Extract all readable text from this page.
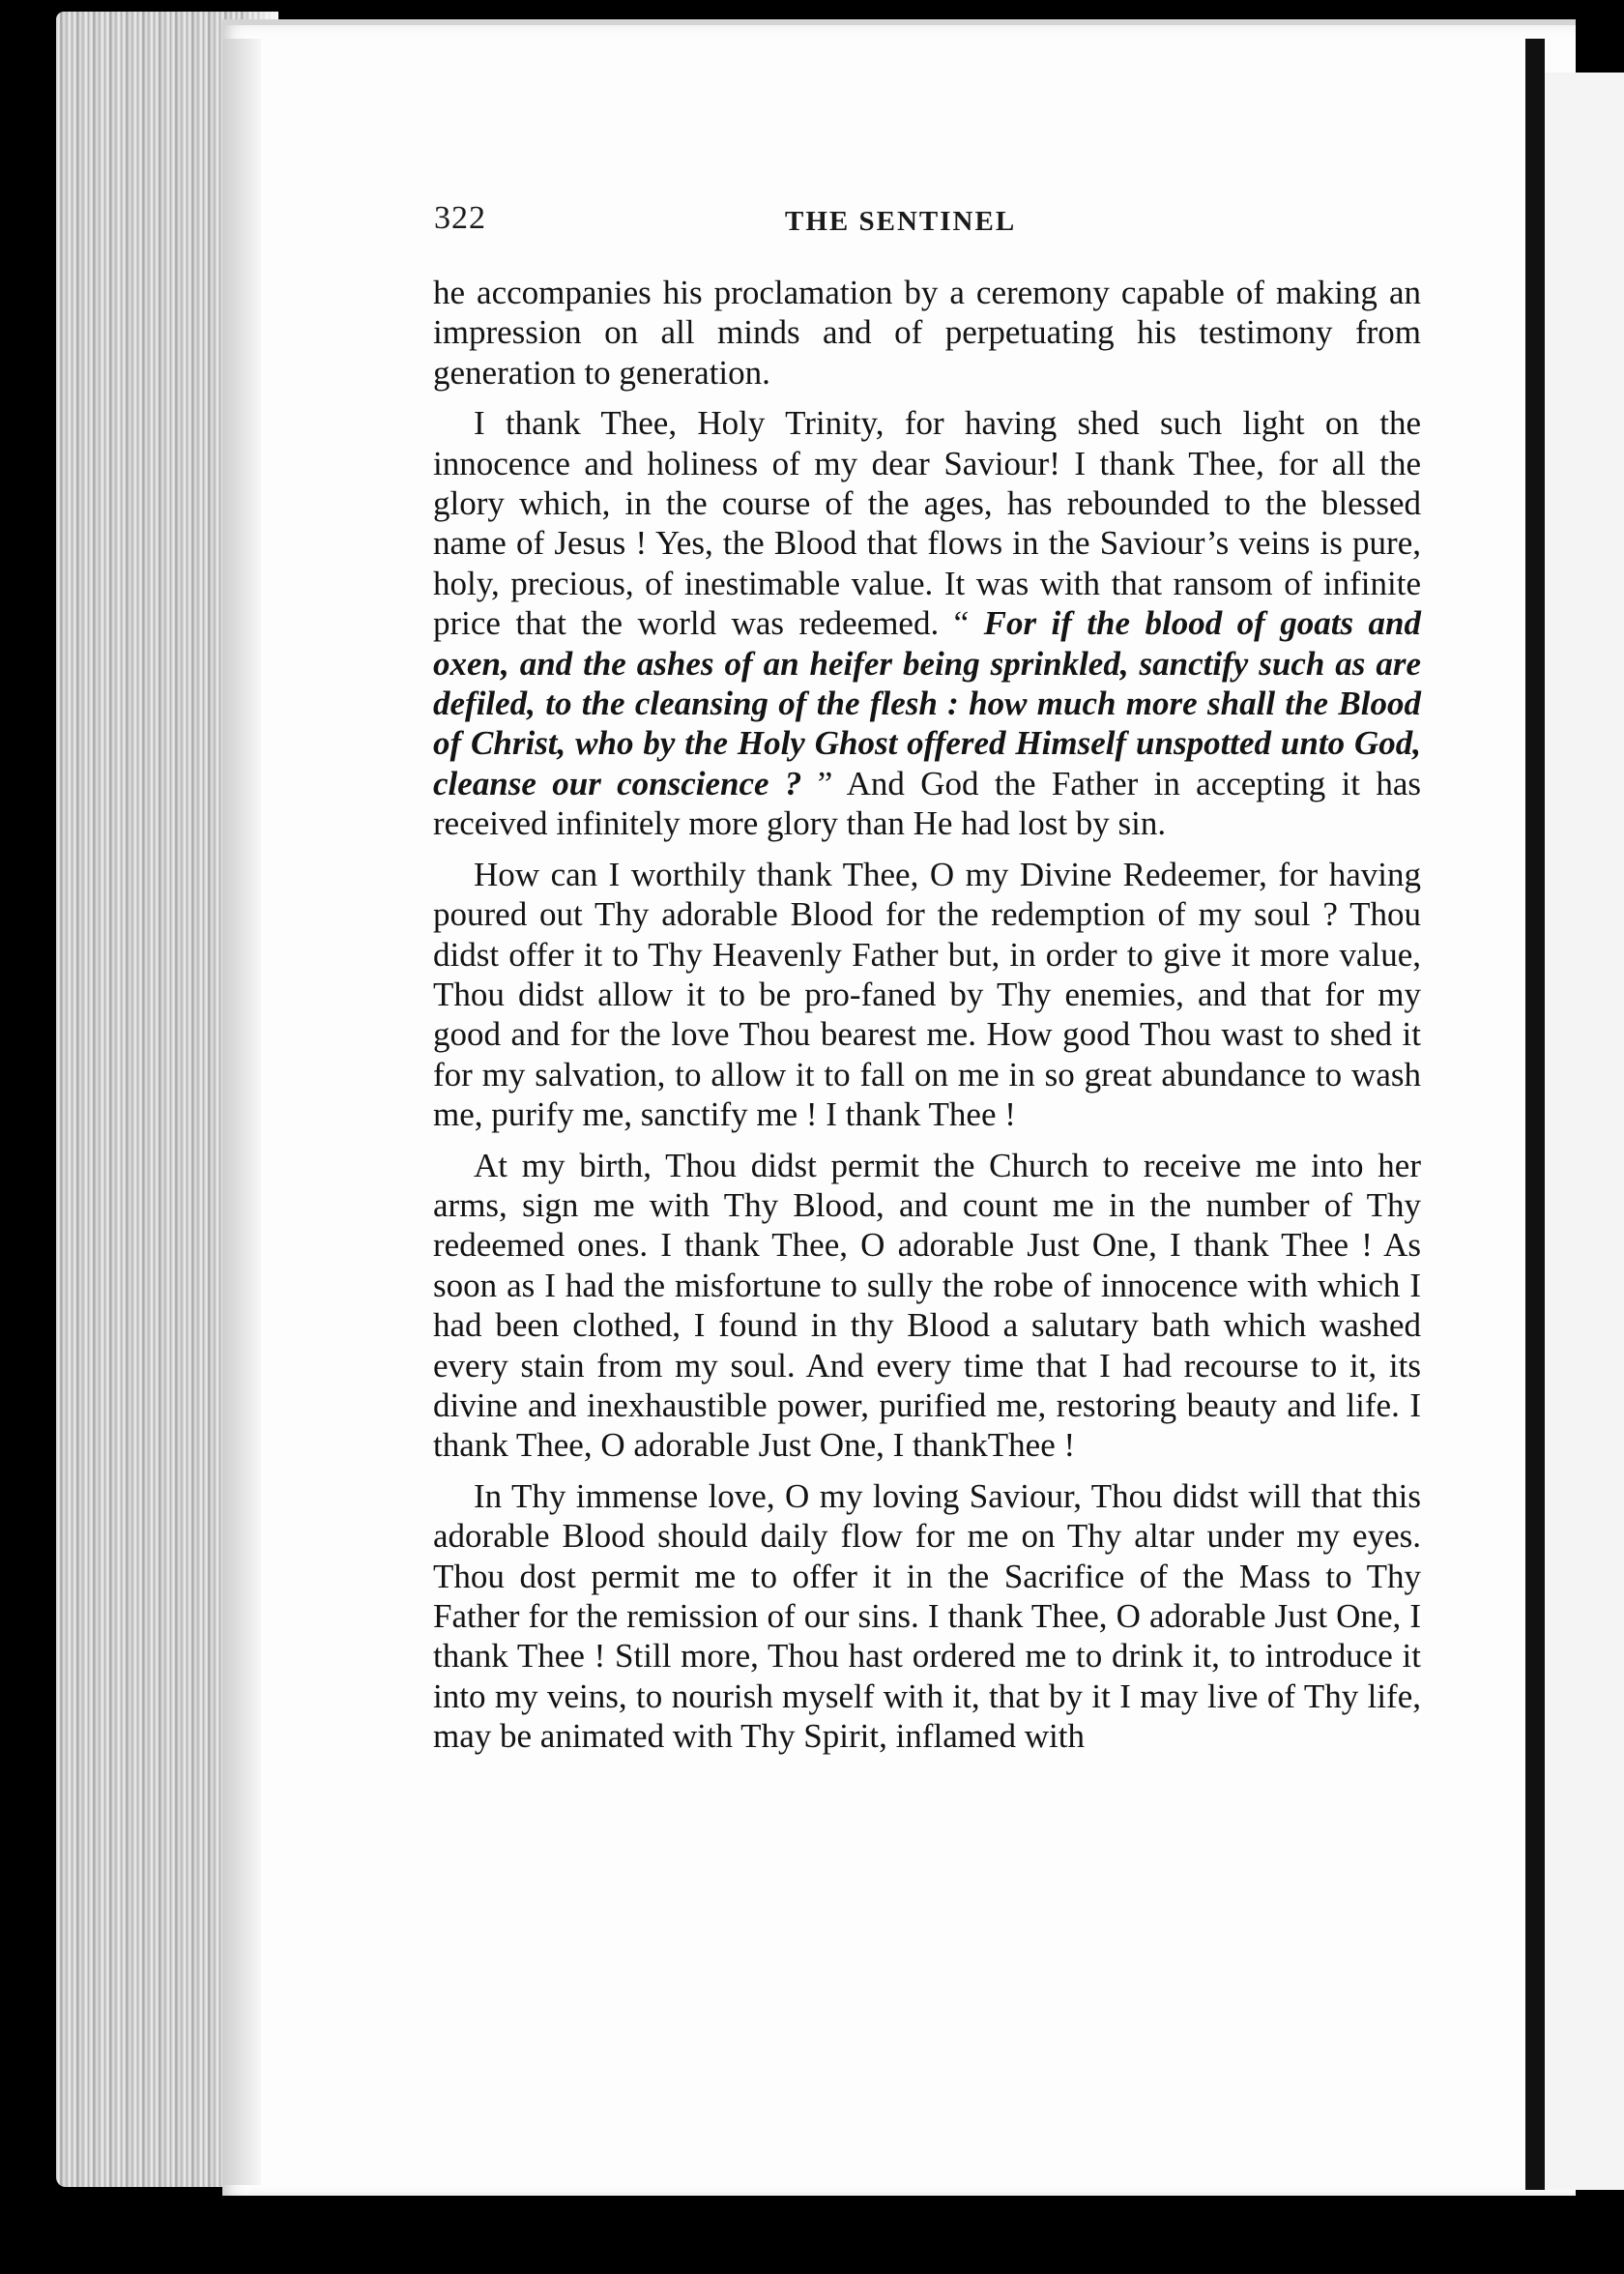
322	THE SENTINEL

he accompanies his proclamation by a ceremony capable of making an impression on all minds and of perpetuating his testimony from generation to generation.

I thank Thee, Holy Trinity, for having shed such light on the innocence and holiness of my dear Saviour! I thank Thee, for all the glory which, in the course of the ages, has rebounded to the blessed name of Jesus ! Yes, the Blood that flows in the Saviour’s veins is pure, holy, precious, of inestimable value. It was with that ransom of infinite price that the world was redeemed. “ For if the blood of goats and oxen, and the ashes of an heifer being sprinkled, sanctify such as are defiled, to the cleansing of the flesh : how much more shall the Blood of Christ, who by the Holy Ghost offered Himself unspotted unto God, cleanse our conscience ? ” And God the Father in accepting it has received infinitely more glory than He had lost by sin.

How can I worthily thank Thee, O my Divine Redeemer, for having poured out Thy adorable Blood for the redemption of my soul ? Thou didst offer it to Thy Heavenly Father but, in order to give it more value, Thou didst allow it to be pro-faned by Thy enemies, and that for my good and for the love Thou bearest me. How good Thou wast to shed it for my salvation, to allow it to fall on me in so great abundance to wash me, purify me, sanctify me ! I thank Thee !

At my birth, Thou didst permit the Church to receive me into her arms, sign me with Thy Blood, and count me in the number of Thy redeemed ones. I thank Thee, O adorable Just One, I thank Thee ! As soon as I had the misfortune to sully the robe of innocence with which I had been clothed, I found in thy Blood a salutary bath which washed every stain from my soul. And every time that I had recourse to it, its divine and inexhaustible power, purified me, restoring beauty and life. I thank Thee, O adorable Just One, I thankThee !

In Thy immense love, O my loving Saviour, Thou didst will that this adorable Blood should daily flow for me on Thy altar under my eyes. Thou dost permit me to offer it in the Sacrifice of the Mass to Thy Father for the remission of our sins. I thank Thee, O adorable Just One, I thank Thee ! Still more, Thou hast ordered me to drink it, to introduce it into my veins, to nourish myself with it, that by it I may live of Thy life, may be animated with Thy Spirit, inflamed with
